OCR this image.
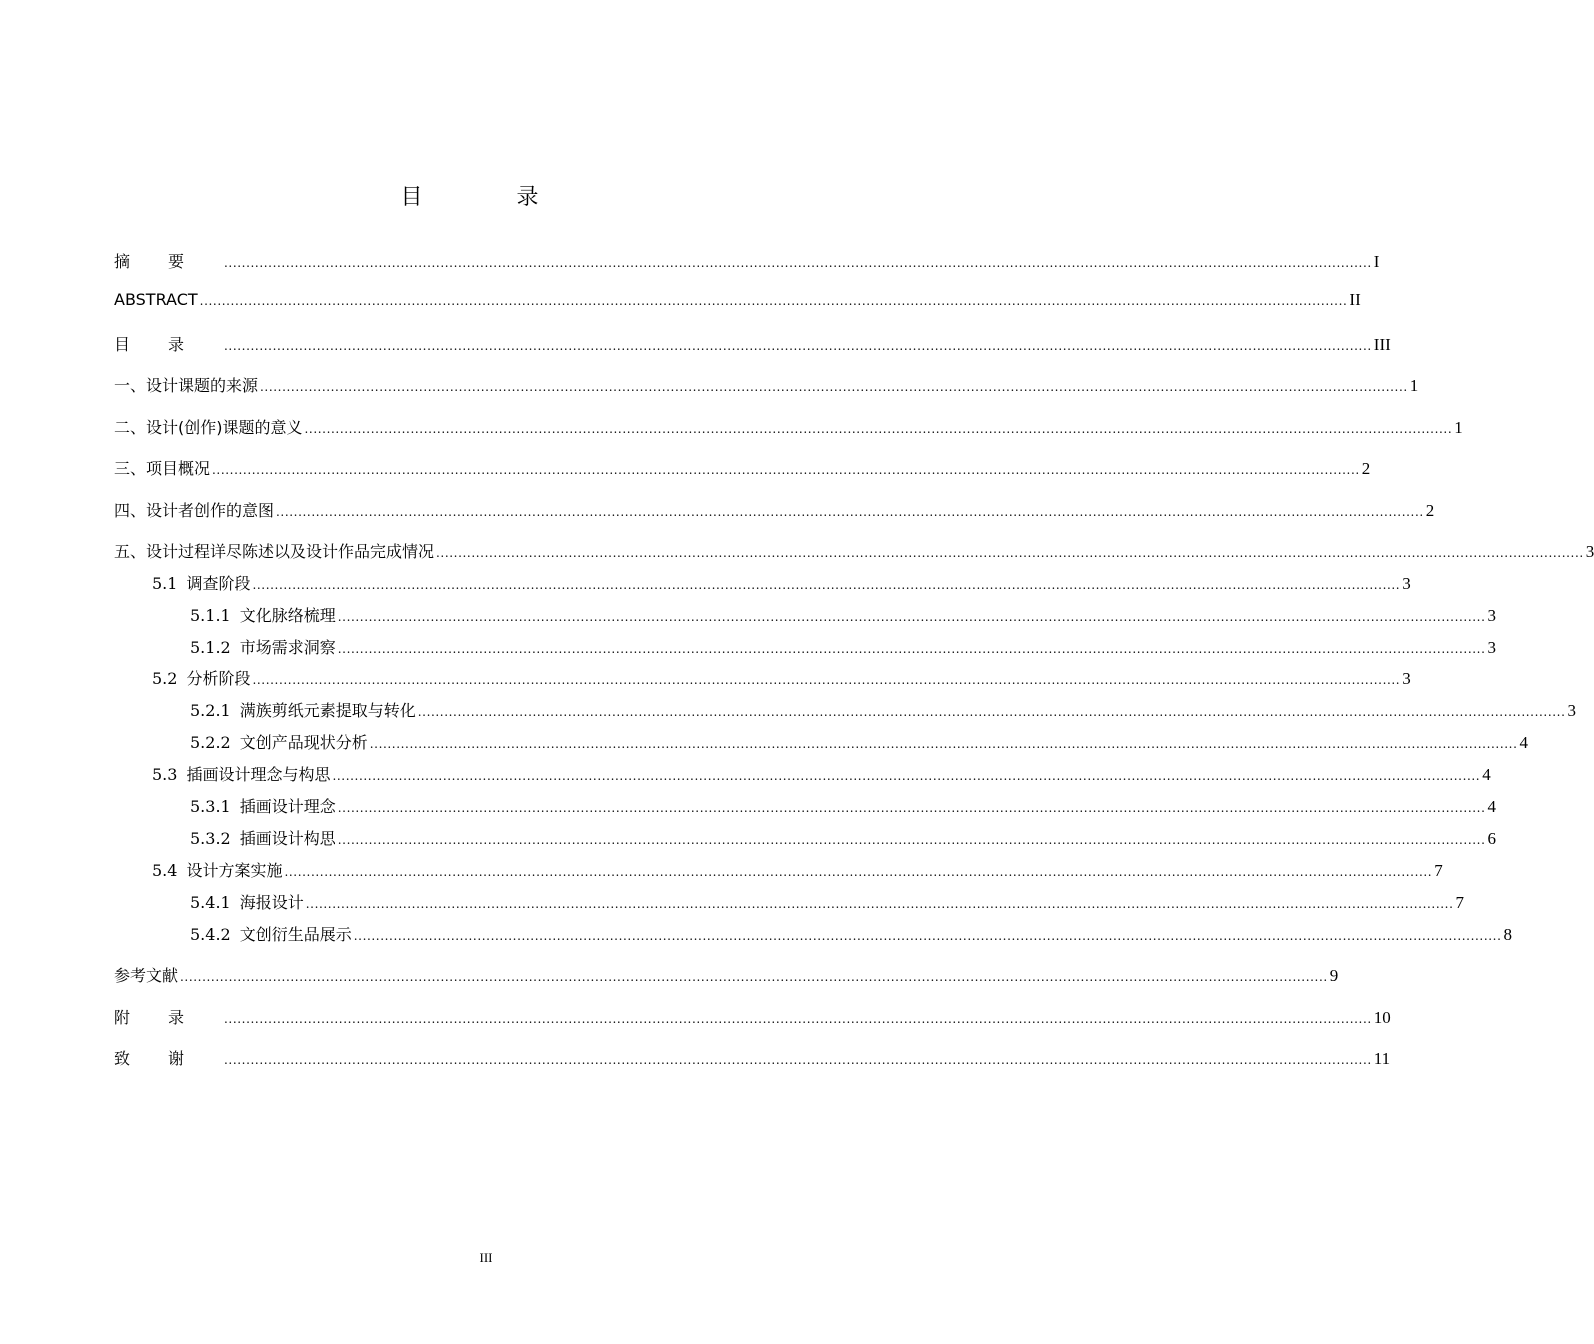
目　录
摘要 .................................................................................................................................................................................................................................................................... I
ABSTRACT .................................................................................................................................................................................................................................................................... II
目录 .................................................................................................................................................................................................................................................................... III
一、设计课题的来源 .................................................................................................................................................................................................................................................................... 1
二、设计(创作)课题的意义 .................................................................................................................................................................................................................................................................... 1
三、项目概况 .................................................................................................................................................................................................................................................................... 2
四、设计者创作的意图 .................................................................................................................................................................................................................................................................... 2
五、设计过程详尽陈述以及设计作品完成情况 .................................................................................................................................................................................................................................................................... 3
5.1 调查阶段 .................................................................................................................................................................................................................................................................... 3
5.1.1 文化脉络梳理 .................................................................................................................................................................................................................................................................... 3
5.1.2 市场需求洞察 .................................................................................................................................................................................................................................................................... 3
5.2 分析阶段 .................................................................................................................................................................................................................................................................... 3
5.2.1 满族剪纸元素提取与转化 .................................................................................................................................................................................................................................................................... 3
5.2.2 文创产品现状分析 .................................................................................................................................................................................................................................................................... 4
5.3 插画设计理念与构思 .................................................................................................................................................................................................................................................................... 4
5.3.1 插画设计理念 .................................................................................................................................................................................................................................................................... 4
5.3.2 插画设计构思 .................................................................................................................................................................................................................................................................... 6
5.4 设计方案实施 .................................................................................................................................................................................................................................................................... 7
5.4.1 海报设计 .................................................................................................................................................................................................................................................................... 7
5.4.2 文创衍生品展示 .................................................................................................................................................................................................................................................................... 8
参考文献 .................................................................................................................................................................................................................................................................... 9
附录 .................................................................................................................................................................................................................................................................... 10
致谢 .................................................................................................................................................................................................................................................................... 11
III
